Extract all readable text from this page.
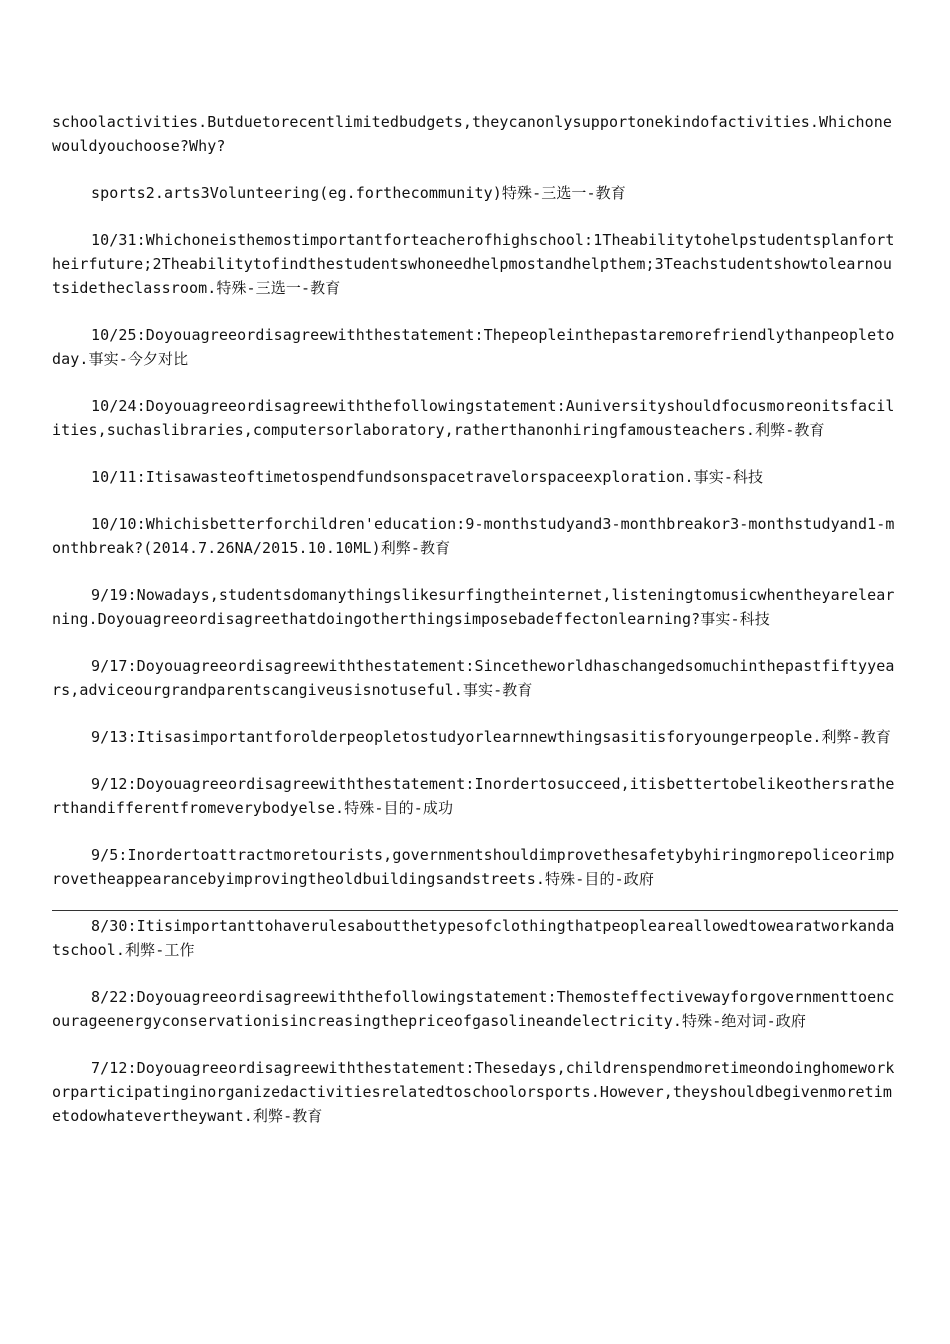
schoolactivities.Butduetorecentlimitedbudgets,theycanonlysupportonekindofactivities.Whichonewouldyouchoose?Why?

sports2.arts3Volunteering(eg.forthecommunity)特殊-三选一-教育

10/31:Whichoneisthemostimportantforteacherofhighschool:1Theabilitytohelpstudentsplanfortheirfuture;2Theabilitytofindthestudentswhoneedhelpmostandhelpthem;3Teachstudentshowtolearnoutsidetheclassroom.特殊-三选一-教育

10/25:Doyouagreeordisagreewiththestatement:Thepeopleinthepastaremorefriendlythanpeopletoday.事实-今夕对比

10/24:Doyouagreeordisagreewiththefollowingstatement:Auniversityshouldfocusmoreonitsfacilities,suchaslibraries,computersorlaboratory,ratherthanonhiringfamousteachers.利弊-教育

10/11:Itisawasteoftimetospendfundsonspacetravelorspaceexploration.事实-科技

10/10:Whichisbetterforchildren'education:9-monthstudyand3-monthbreakor3-monthstudyand1-monthbreak?(2014.7.26NA/2015.10.10ML)利弊-教育

9/19:Nowadays,studentsdomanythingslikesurfingtheinternet,listeningtomusicwhentheyarelearning.Doyouagreeordisagreethatdoingotherthingsimposebadeffectonlearning?事实-科技

9/17:Doyouagreeordisagreewiththestatement:Sincetheworldhaschangedsomuchinthepastfiftyyears,adviceourgrandparentscangiveusisnotuseful.事实-教育

9/13:Itisasimportantforolderpeopletostudyorlearnnewthingsasitisforyoungerpeople.利弊-教育

9/12:Doyouagreeordisagreewiththestatement:Inordertosucceed,itisbettertobelikeothersratherthandifferentfromeverybodyelse.特殊-目的-成功

9/5:Inordertoattractmoretourists,governmentshouldimprovethesafetybyhiringmorepoliceorimprovetheappearancebyimprovingtheoldbuildingsandstreets.特殊-目的-政府

8/30:Itisimportanttohaverulesaboutthetypesofclothingthatpeopleareallowedtowearatworkandatschool.利弊-工作

8/22:Doyouagreeordisagreewiththefollowingstatement:Themosteffectivewayforgovernmenttoencourageenergyconservationisincreasingthepriceofgasolineandelectricity.特殊-绝对词-政府

7/12:Doyouagreeordisagreewiththestatement:Thesedays,childrenspendmoretimeondoinghomeworkorparticipatinginorganizedactivitiesrelatedtoschoolorsports.However,theyshouldbegivenmoretimetodowhatevertheywant.利弊-教育
